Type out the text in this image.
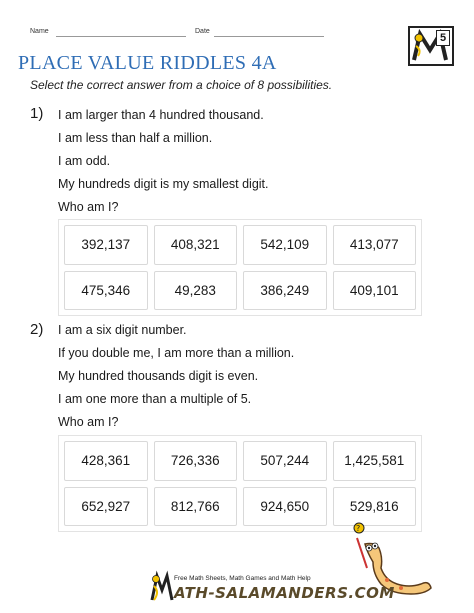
Name	Date
5
PLACE VALUE RIDDLES 4A
Select the correct answer from a choice of 8 possibilities.
1) I am larger than 4 hundred thousand.
I am less than half a million.
I am odd.
My hundreds digit is my smallest digit.
Who am I?
392,137	408,321	542,109	413,077
475,346	49,283	386,249	409,101
2) I am a six digit number.
If you double me, I am more than a million.
My hundred thousands digit is even.
I am one more than a multiple of 5.
Who am I?
428,361	726,336	507,244	1,425,581
652,927	812,766	924,650	529,816
?
Free Math Sheets, Math Games and Math Help
ATH-SALAMANDERS.COM
